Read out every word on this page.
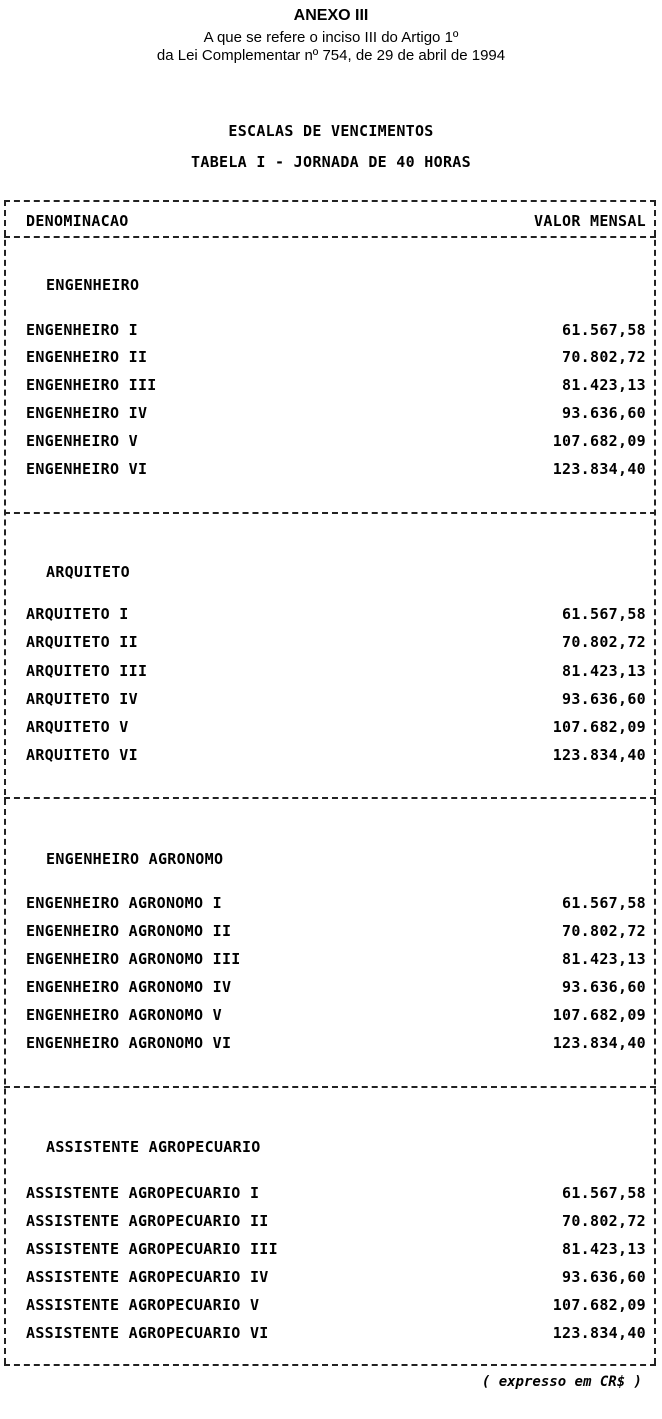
ANEXO III
A que se refere o inciso III do Artigo 1º
da Lei Complementar nº 754, de 29 de abril de 1994
ESCALAS DE VENCIMENTOS
TABELA I - JORNADA DE 40 HORAS
DENOMINACAO	VALOR MENSAL
ENGENHEIRO
ENGENHEIRO I	61.567,58
ENGENHEIRO II	70.802,72
ENGENHEIRO III	81.423,13
ENGENHEIRO IV	93.636,60
ENGENHEIRO V	107.682,09
ENGENHEIRO VI	123.834,40
ARQUITETO
ARQUITETO I	61.567,58
ARQUITETO II	70.802,72
ARQUITETO III	81.423,13
ARQUITETO IV	93.636,60
ARQUITETO V	107.682,09
ARQUITETO VI	123.834,40
ENGENHEIRO AGRONOMO
ENGENHEIRO AGRONOMO I	61.567,58
ENGENHEIRO AGRONOMO II	70.802,72
ENGENHEIRO AGRONOMO III	81.423,13
ENGENHEIRO AGRONOMO IV	93.636,60
ENGENHEIRO AGRONOMO V	107.682,09
ENGENHEIRO AGRONOMO VI	123.834,40
ASSISTENTE AGROPECUARIO
ASSISTENTE AGROPECUARIO I	61.567,58
ASSISTENTE AGROPECUARIO II	70.802,72
ASSISTENTE AGROPECUARIO III	81.423,13
ASSISTENTE AGROPECUARIO IV	93.636,60
ASSISTENTE AGROPECUARIO V	107.682,09
ASSISTENTE AGROPECUARIO VI	123.834,40
( expresso em CR$ )
